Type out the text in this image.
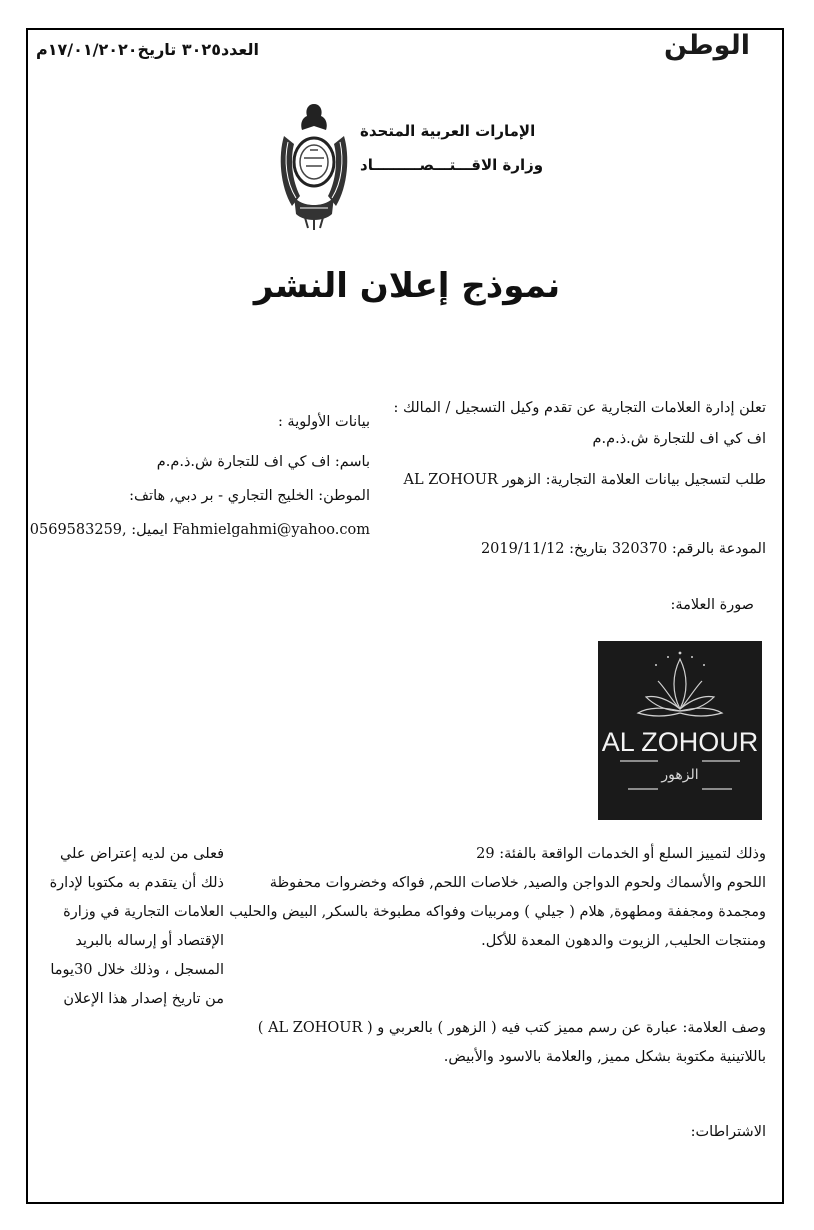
العدد٣٠٢٥ تاريخ١٧/٠١/٢٠٢٠م	الوطن
الإمارات العربية المتحدة
وزارة الاقـــتـــصـــــــــاد
نموذج إعلان النشر
تعلن إدارة العلامات التجارية عن تقدم وكيل التسجيل / المالك :
اف كي اف للتجارة ش.ذ.م.م
طلب لتسجيل بيانات العلامة التجارية: الزهور AL ZOHOUR
المودعة بالرقم: 320370 بتاريخ: 2019/11/12
صورة العلامة:
بيانات الأولوية :
باسم: اف كي اف للتجارة ش.ذ.م.م
الموطن: الخليج التجاري - بر دبي, هاتف:
Fahmielgahmi@yahoo.com ايميل: ,0569583259
AL ZOHOUR
الزهور
وذلك لتمييز السلع أو الخدمات الواقعة بالفئة: 29
اللحوم والأسماك ولحوم الدواجن والصيد, خلاصات اللحم, فواكه وخضروات محفوظة
ومجمدة ومجففة ومطهوة, هلام ( جيلي ) ومربيات وفواكه مطبوخة بالسكر, البيض والحليب
ومنتجات الحليب, الزيوت والدهون المعدة للأكل.
فعلى من لديه إعتراض علي
ذلك أن يتقدم به مكتوبا لإدارة
العلامات التجارية في وزارة
الإقتصاد أو إرساله بالبريد
المسجل ، وذلك خلال 30يوما
من تاريخ إصدار هذا الإعلان
وصف العلامة: عبارة عن رسم مميز كتب فيه ( الزهور ) بالعربي و ( AL ZOHOUR )
باللاتينية مكتوبة بشكل مميز, والعلامة بالاسود والأبيض.
الاشتراطات:
